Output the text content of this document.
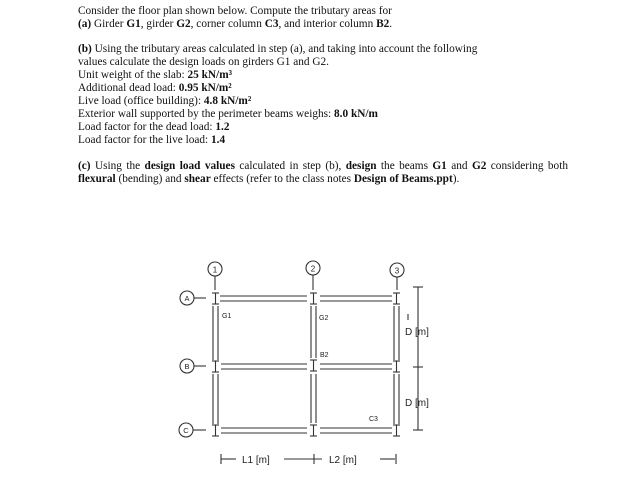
Consider the floor plan shown below. Compute the tributary areas for
(a) Girder G1, girder G2, corner column C3, and interior column B2.
(b) Using the tributary areas calculated in step (a), and taking into account the following
values calculate the design loads on girders G1 and G2.
Unit weight of the slab: 25 kN/m³
Additional dead load: 0.95 kN/m²
Live load (office building): 4.8 kN/m²
Exterior wall supported by the perimeter beams weighs: 8.0 kN/m
Load factor for the dead load: 1.2
Load factor for the live load: 1.4
(c) Using the design load values calculated in step (b), design the beams G1 and G2 considering both flexural (bending) and shear effects (refer to the class notes Design of Beams.ppt).
1	2	3
A
B
C
G1	G2
B2
C3
D [m]
D [m]
L1 [m]	L2 [m]
